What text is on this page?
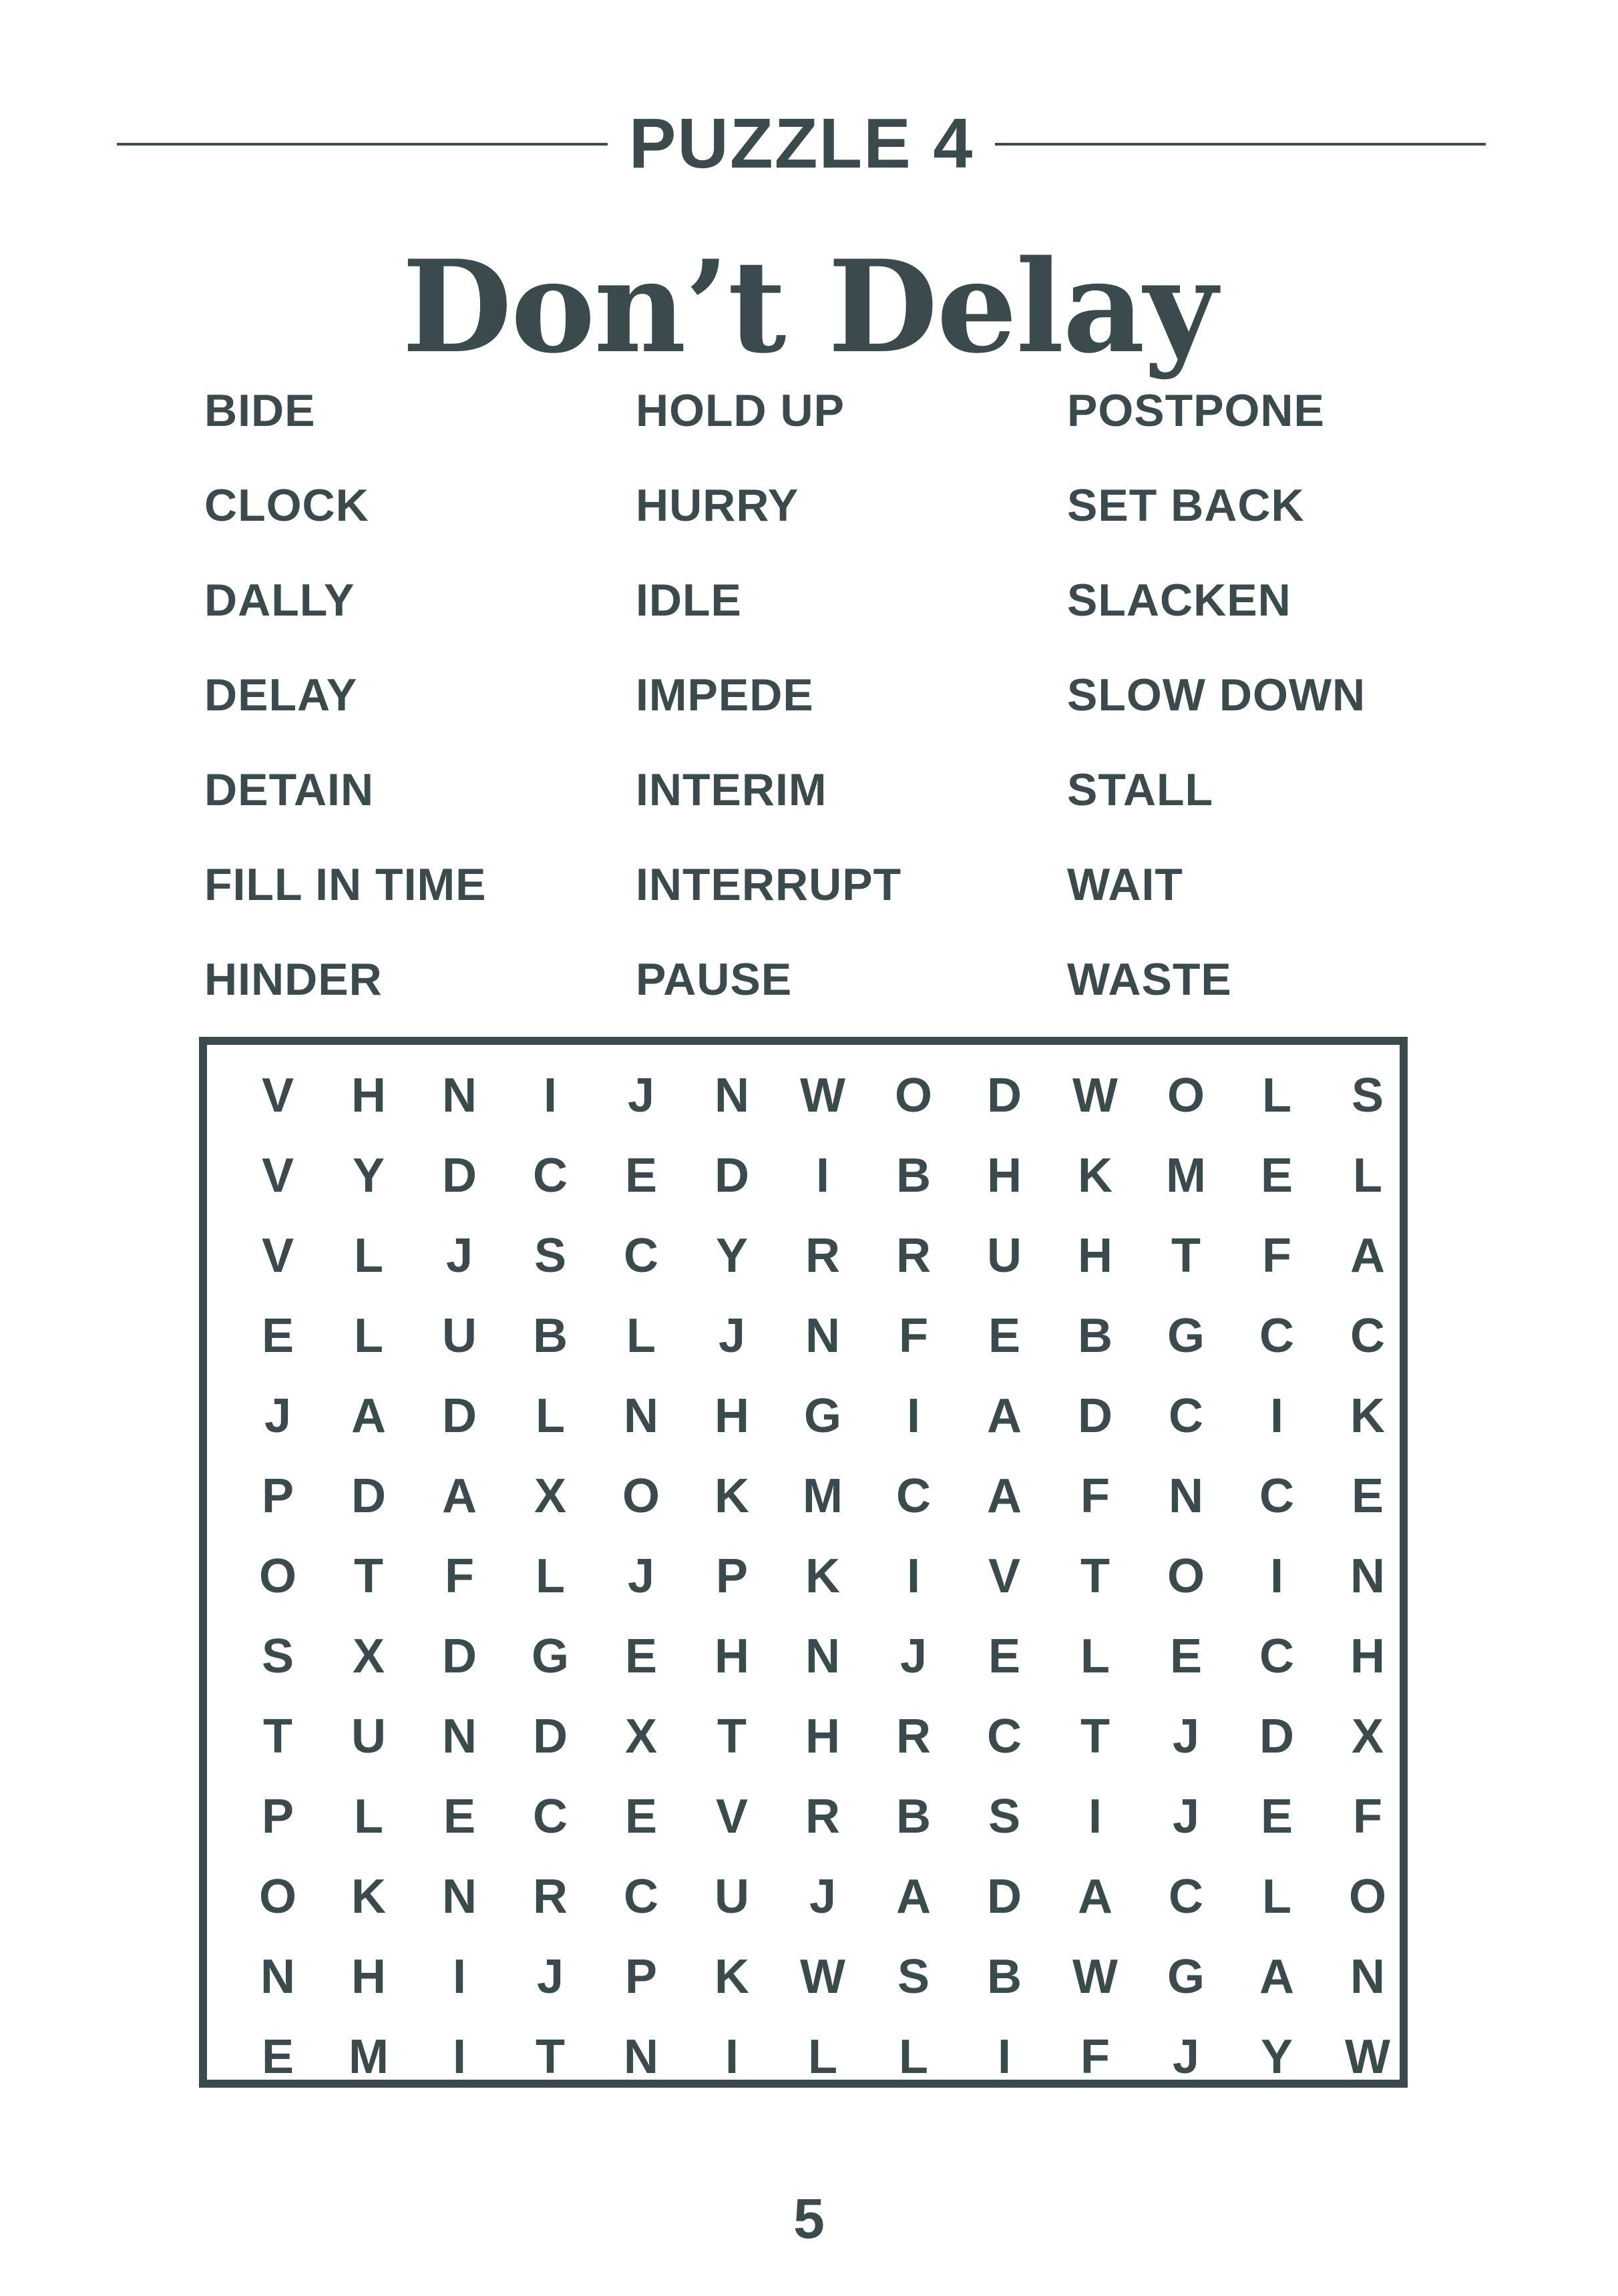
PUZZLE 4
Don’t Delay
BIDE
CLOCK
DALLY
DELAY
DETAIN
FILL IN TIME
HINDER
HOLD UP
HURRY
IDLE
IMPEDE
INTERIM
INTERRUPT
PAUSE
POSTPONE
SET BACK
SLACKEN
SLOW DOWN
STALL
WAIT
WASTE
V	H	N	I	J	N	W	O	D	W	O	L	S
V	Y	D	C	E	D	I	B	H	K	M	E	L
V	L	J	S	C	Y	R	R	U	H	T	F	A
E	L	U	B	L	J	N	F	E	B	G	C	C
J	A	D	L	N	H	G	I	A	D	C	I	K
P	D	A	X	O	K	M	C	A	F	N	C	E
O	T	F	L	J	P	K	I	V	T	O	I	N
S	X	D	G	E	H	N	J	E	L	E	C	H
T	U	N	D	X	T	H	R	C	T	J	D	X
P	L	E	C	E	V	R	B	S	I	J	E	F
O	K	N	R	C	U	J	A	D	A	C	L	O
N	H	I	J	P	K	W	S	B	W	G	A	N
E	M	I	T	N	I	L	L	I	F	J	Y	W
5
